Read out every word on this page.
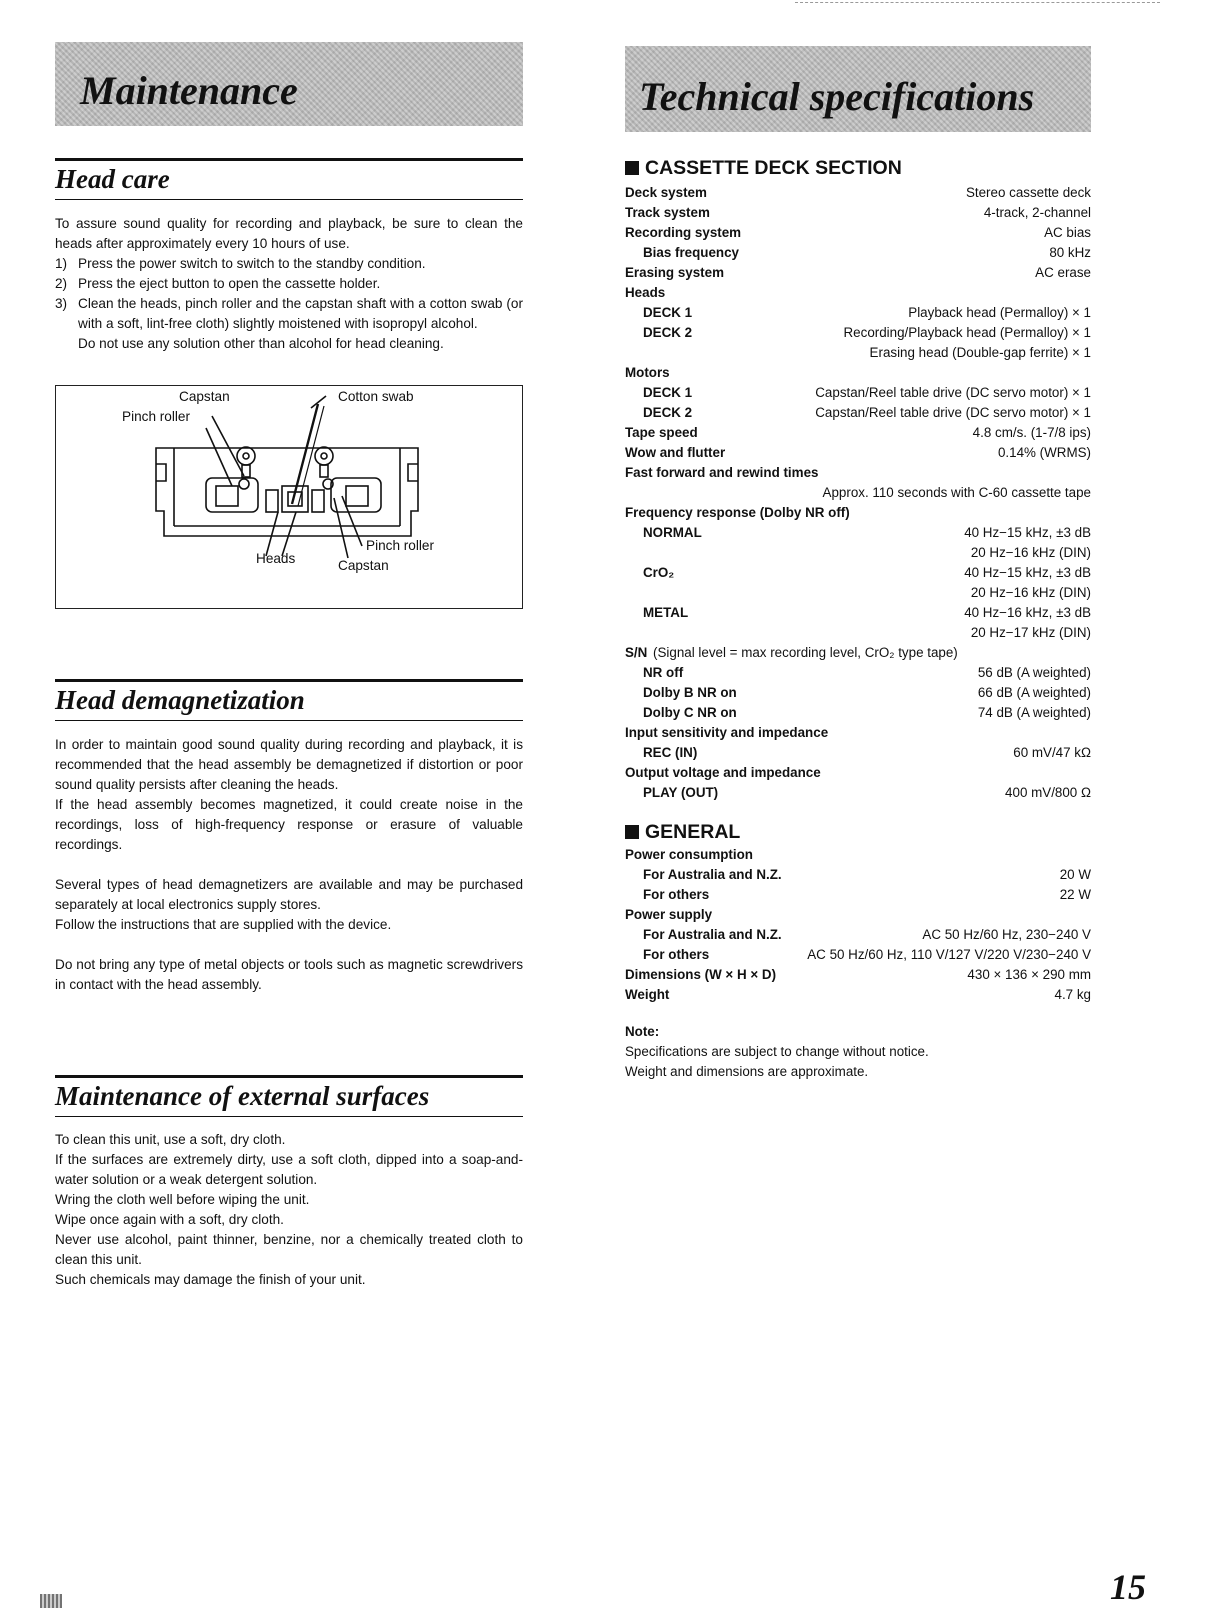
Maintenance
Head care

To assure sound quality for recording and playback, be sure to clean the heads after approximately every 10 hours of use.

1) Press the power switch to switch to the standby condition.
2) Press the eject button to open the cassette holder.
3) Clean the heads, pinch roller and the capstan shaft with a cotton swab (or with a soft, lint-free cloth) slightly moistened with isopropyl alcohol.
Do not use any solution other than alcohol for head cleaning.
Capstan
Pinch roller
Cotton swab
Heads
Pinch roller
Capstan
Head demagnetization

In order to maintain good sound quality during recording and playback, it is recommended that the head assembly be demagnetized if distortion or poor sound quality persists after cleaning the heads.

If the head assembly becomes magnetized, it could create noise in the recordings, loss of high-frequency response or erasure of valuable recordings.

Several types of head demagnetizers are available and may be purchased separately at local electronics supply stores.

Follow the instructions that are supplied with the device.

Do not bring any type of metal objects or tools such as magnetic screwdrivers in contact with the head assembly.

Maintenance of external surfaces

To clean this unit, use a soft, dry cloth.

If the surfaces are extremely dirty, use a soft cloth, dipped into a soap-and-water solution or a weak detergent solution.

Wring the cloth well before wiping the unit.

Wipe once again with a soft, dry cloth.

Never use alcohol, paint thinner, benzine, nor a chemically treated cloth to clean this unit.

Such chemicals may damage the finish of your unit.

Technical specifications
CASSETTE DECK SECTION
Deck system	Stereo cassette deck
Track system	4-track, 2-channel
Recording system	AC bias
Bias frequency	80 kHz
Erasing system	AC erase
Heads
DECK 1	Playback head (Permalloy) × 1
DECK 2	Recording/Playback head (Permalloy) × 1
Erasing head (Double-gap ferrite) × 1
Motors
DECK 1	Capstan/Reel table drive (DC servo motor) × 1
DECK 2	Capstan/Reel table drive (DC servo motor) × 1
Tape speed	4.8 cm/s. (1-7/8 ips)
Wow and flutter	0.14% (WRMS)
Fast forward and rewind times
Approx. 110 seconds with C-60 cassette tape
Frequency response (Dolby NR off)
NORMAL	40 Hz−15 kHz, ±3 dB
20 Hz−16 kHz (DIN)
CrO₂	40 Hz−15 kHz, ±3 dB
20 Hz−16 kHz (DIN)
METAL	40 Hz−16 kHz, ±3 dB
20 Hz−17 kHz (DIN)
S/N (Signal level = max recording level, CrO₂ type tape)
NR off	56 dB (A weighted)
Dolby B NR on	66 dB (A weighted)
Dolby C NR on	74 dB (A weighted)
Input sensitivity and impedance
REC (IN)	60 mV/47 kΩ
Output voltage and impedance
PLAY (OUT)	400 mV/800 Ω
GENERAL
Power consumption
For Australia and N.Z.	20 W
For others	22 W
Power supply
For Australia and N.Z.	AC 50 Hz/60 Hz, 230−240 V
For others	AC 50 Hz/60 Hz, 110 V/127 V/220 V/230−240 V
Dimensions (W × H × D)	430 × 136 × 290 mm
Weight	4.7 kg
Note:
Specifications are subject to change without notice.
Weight and dimensions are approximate.
15
